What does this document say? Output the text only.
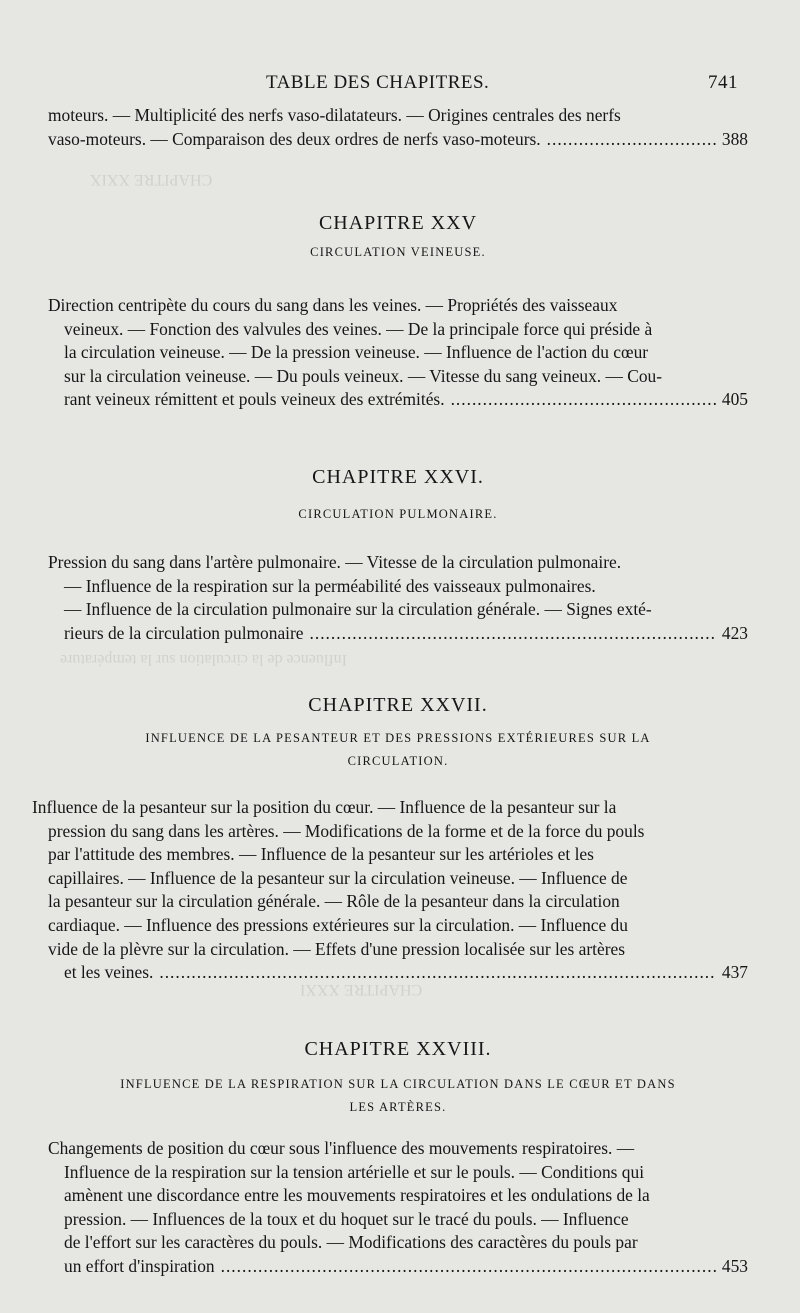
CHAPITRE XXIX
Influence de la circulation sur la température
CHAPITRE XXXI
TABLE DES CHAPITRES.	741

moteurs. — Multiplicité des nerfs vaso-dilatateurs. — Origines centrales des nerfs

vaso-moteurs. — Comparaison des deux ordres de nerfs vaso-moteurs. .....	388

CHAPITRE XXV

CIRCULATION VEINEUSE.

Direction centripète du cours du sang dans les veines. — Propriétés des vaisseaux
veineux. — Fonction des valvules des veines. — De la principale force qui préside à
la circulation veineuse. — De la pression veineuse. — Influence de l'action du cœur
sur la circulation veineuse. — Du pouls veineux. — Vitesse du sang veineux. — Cou-

rant veineux rémittent et pouls veineux des extrémités. .....	405

CHAPITRE XXVI.

CIRCULATION PULMONAIRE.

Pression du sang dans l'artère pulmonaire. — Vitesse de la circulation pulmonaire.
— Influence de la respiration sur la perméabilité des vaisseaux pulmonaires.
— Influence de la circulation pulmonaire sur la circulation générale. — Signes exté-

rieurs de la circulation pulmonaire .....	423

CHAPITRE XXVII.

INFLUENCE DE LA PESANTEUR ET DES PRESSIONS EXTÉRIEURES SUR LA

CIRCULATION.

Influence de la pesanteur sur la position du cœur. — Influence de la pesanteur sur la
pression du sang dans les artères. — Modifications de la forme et de la force du pouls
par l'attitude des membres. — Influence de la pesanteur sur les artérioles et les
capillaires. — Influence de la pesanteur sur la circulation veineuse. — Influence de
la pesanteur sur la circulation générale. — Rôle de la pesanteur dans la circulation
cardiaque. — Influence des pressions extérieures sur la circulation. — Influence du
vide de la plèvre sur la circulation. — Effets d'une pression localisée sur les artères

et les veines. .....	437

CHAPITRE XXVIII.

INFLUENCE DE LA RESPIRATION SUR LA CIRCULATION DANS LE CŒUR ET DANS

LES ARTÈRES.

Changements de position du cœur sous l'influence des mouvements respiratoires. —
Influence de la respiration sur la tension artérielle et sur le pouls. — Conditions qui
amènent une discordance entre les mouvements respiratoires et les ondulations de la
pression. — Influences de la toux et du hoquet sur le tracé du pouls. — Influence
de l'effort sur les caractères du pouls. — Modifications des caractères du pouls par

un effort d'inspiration .....	453
